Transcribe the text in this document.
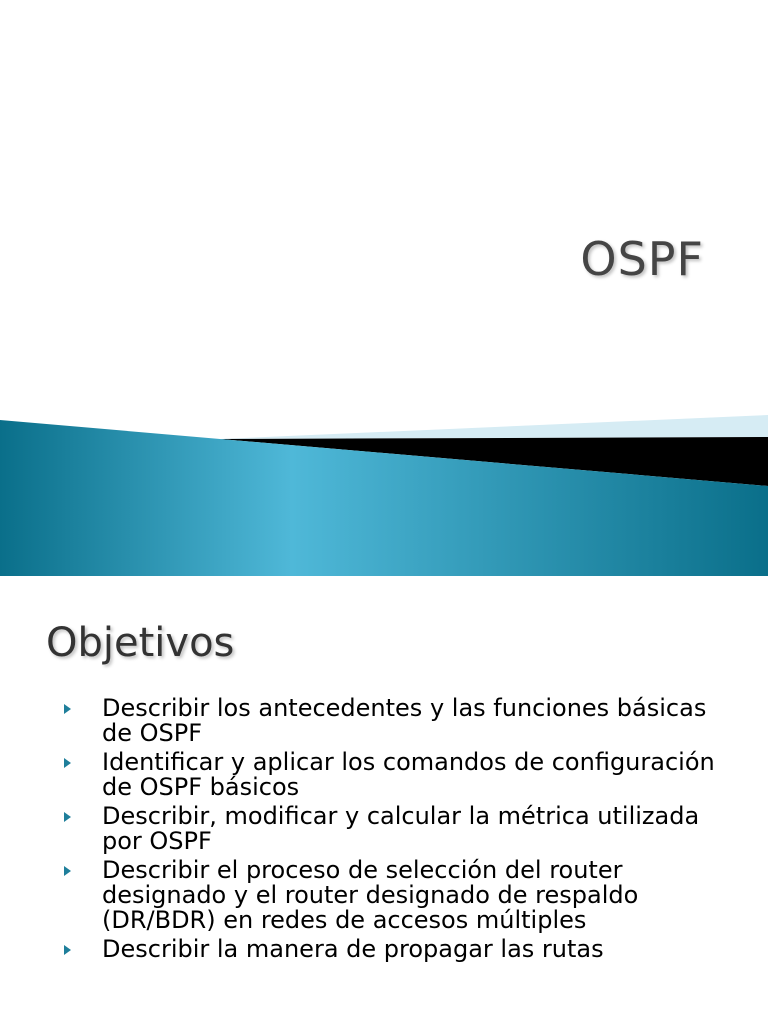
OSPF
Objetivos
Describir los antecedentes y las funciones básicas
de OSPF
Identificar y aplicar los comandos de configuración
de OSPF básicos
Describir, modificar y calcular la métrica utilizada
por OSPF
Describir el proceso de selección del router designado y el router designado de respaldo (DR/BDR) en redes de accesos múltiples
Describir la manera de propagar las rutas
